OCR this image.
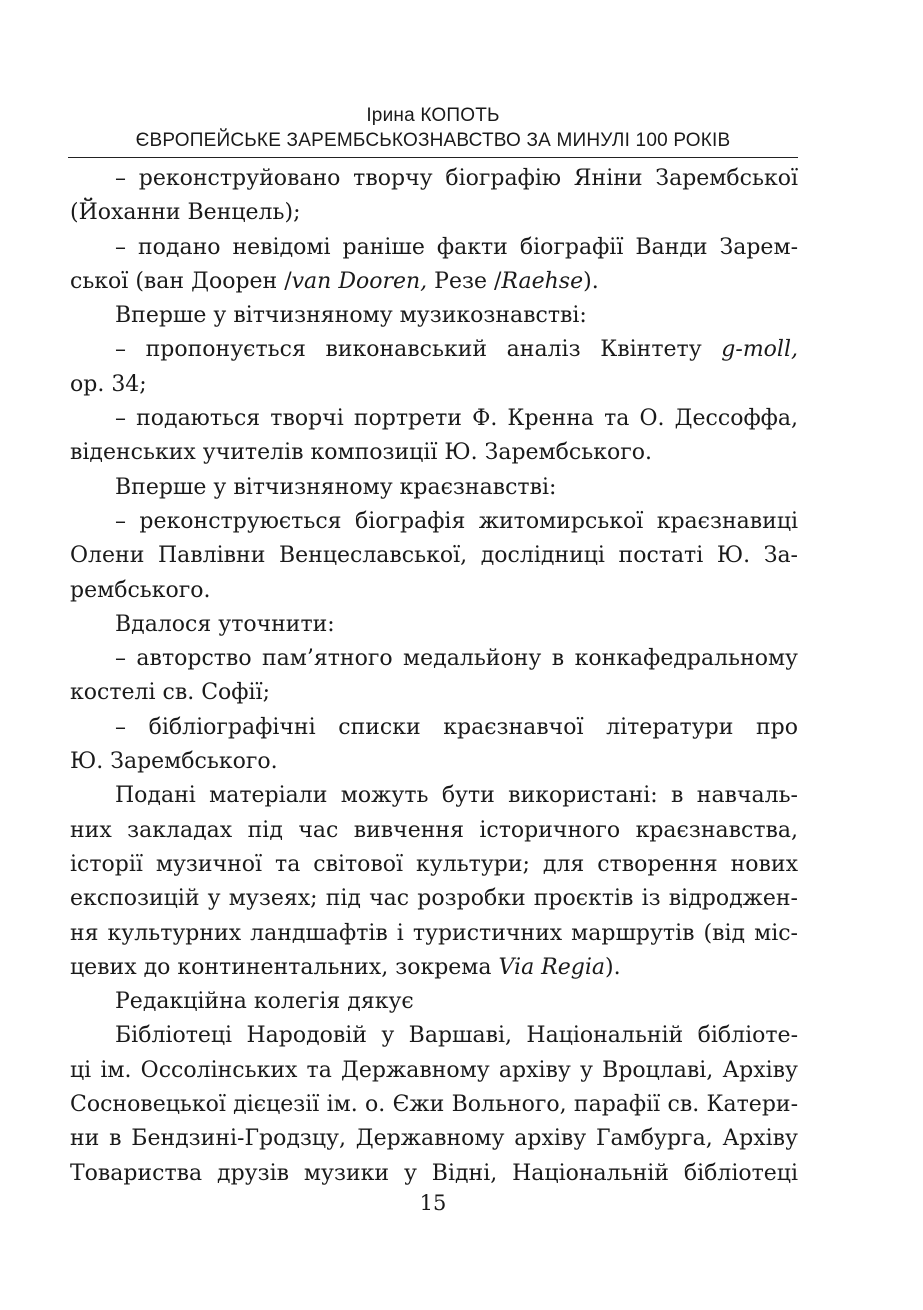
Ірина КОПОТЬ
ЄВРОПЕЙСЬКЕ ЗАРЕМБСЬКОЗНАВСТВО ЗА МИНУЛІ 100 РОКІВ
– реконструйовано творчу біографію Яніни Зарембської
(Йоханни Венцель);
– подано невідомі раніше факти біографії Ванди Зарем-
ської (ван Доорен /van Dooren, Резе /Raehse).
Вперше у вітчизняному музикознавстві:
– пропонується виконавський аналіз Квінтету g-moll,
ор. 34;
– подаються творчі портрети Ф. Кренна та О. Дессоффа,
віденських учителів композиції Ю. Зарембського.
Вперше у вітчизняному краєзнавстві:
– реконструюється біографія житомирської краєзнавиці
Олени Павлівни Венцеславської, дослідниці постаті Ю. За-
рембського.
Вдалося уточнити:
– авторство пам’ятного медальйону в конкафедральному
костелі св. Софії;
– бібліографічні списки краєзнавчої літератури про
Ю. Зарембського.
Подані матеріали можуть бути використані: в навчаль-
них закладах під час вивчення історичного краєзнавства,
історії музичної та світової культури; для створення нових
експозицій у музеях; під час розробки проєктів із відроджен-
ня культурних ландшафтів і туристичних маршрутів (від міс-
цевих до континентальних, зокрема Via Regia).
Редакційна колегія дякує
Бібліотеці Народовій у Варшаві, Національній бібліоте-
ці ім. Оссолінських та Державному архіву у Вроцлаві, Архіву
Сосновецької дієцезії ім. о. Єжи Вольного, парафії св. Катери-
ни в Бендзині-Гродзцу, Державному архіву Гамбурга, Архіву
Товариства друзів музики у Відні, Національній бібліотеці
15
